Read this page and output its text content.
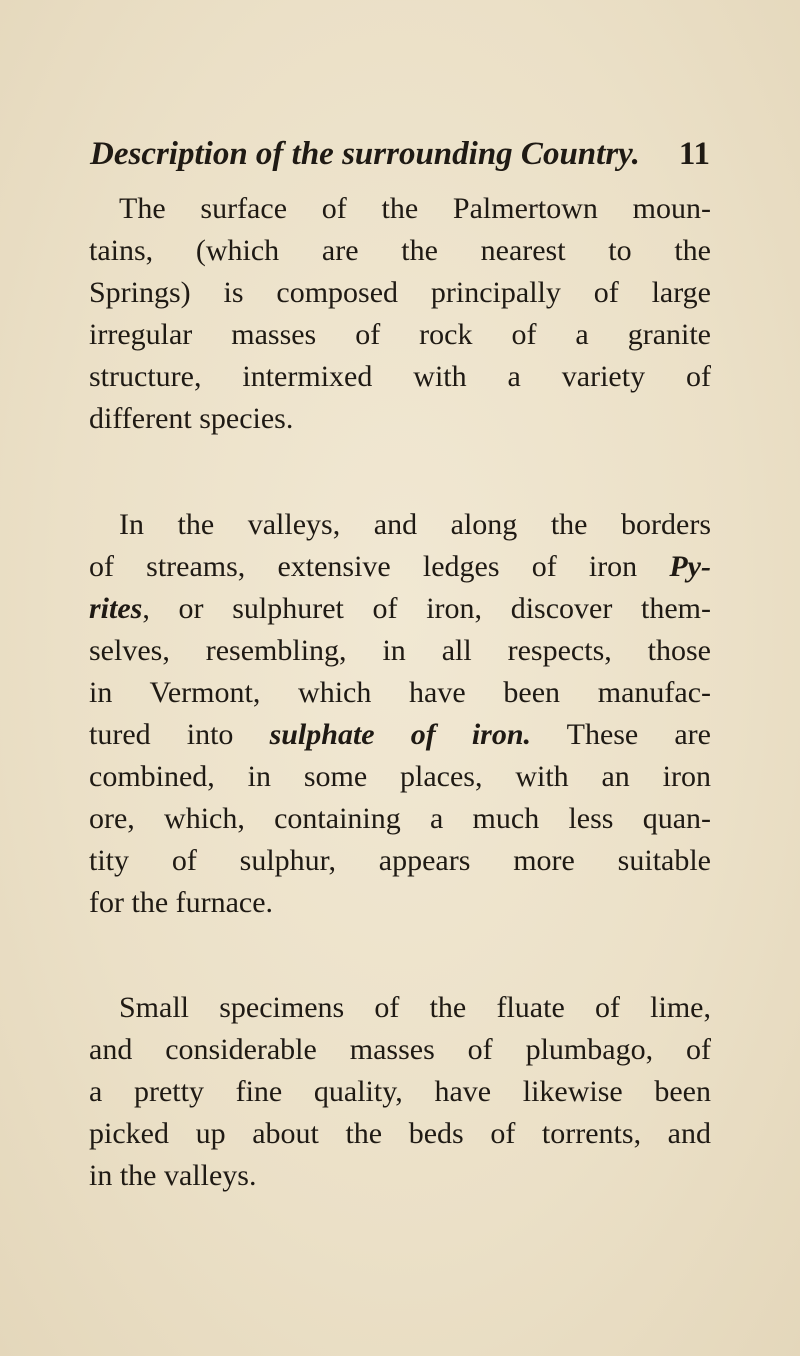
Description of the surrounding Country. 11

The surface of the Palmertown moun-
tains, (which are the nearest to the
Springs) is composed principally of large
irregular masses of rock of a granite
structure, intermixed with a variety of
different species.

In the valleys, and along the borders
of streams, extensive ledges of iron Py-
rites, or sulphuret of iron, discover them-
selves, resembling, in all respects, those
in Vermont, which have been manufac-
tured into sulphate of iron. These are
combined, in some places, with an iron
ore, which, containing a much less quan-
tity of sulphur, appears more suitable
for the furnace.

Small specimens of the fluate of lime,
and considerable masses of plumbago, of
a pretty fine quality, have likewise been
picked up about the beds of torrents, and
in the valleys.
